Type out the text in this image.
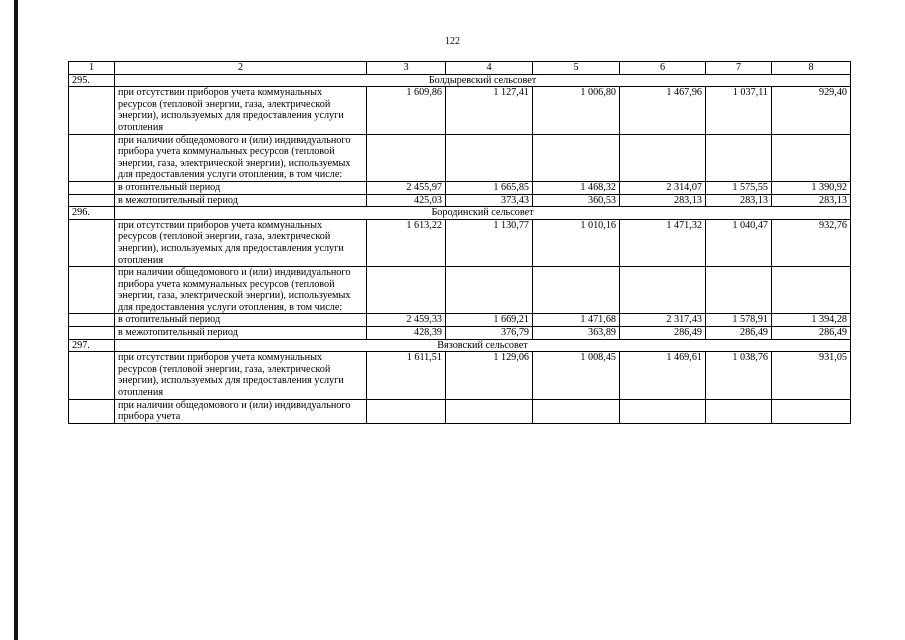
122
1	2	3	4	5	6	7	8
295.	Болдыревский сельсовет						
	при отсутствии приборов учета коммунальных ресурсов (тепловой энергии, газа, электрической энергии), используемых для предоставления услуги отопления	1 609,86	1 127,41	1 006,80	1 467,96	1 037,11	929,40
	при наличии общедомового и (или) индивидуального прибора учета коммунальных ресурсов (тепловой энергии, газа, электрической энергии), используемых для предоставления услуги отопления, в том числе:						
	в отопительный период	2 455,97	1 665,85	1 468,32	2 314,07	1 575,55	1 390,92
	в межотопительный период	425,03	373,43	360,53	283,13	283,13	283,13
296.	Бородинский сельсовет						
	при отсутствии приборов учета коммунальных ресурсов (тепловой энергии, газа, электрической энергии), используемых для предоставления услуги отопления	1 613,22	1 130,77	1 010,16	1 471,32	1 040,47	932,76
	при наличии общедомового и (или) индивидуального прибора учета коммунальных ресурсов (тепловой энергии, газа, электрической энергии), используемых для предоставления услуги отопления, в том числе:						
	в отопительный период	2 459,33	1 669,21	1 471,68	2 317,43	1 578,91	1 394,28
	в межотопительный период	428,39	376,79	363,89	286,49	286,49	286,49
297.	Вязовский сельсовет						
	при отсутствии приборов учета коммунальных ресурсов (тепловой энергии, газа, электрической энергии), используемых для предоставления услуги отопления	1 611,51	1 129,06	1 008,45	1 469,61	1 038,76	931,05
	при наличии общедомового и (или) индивидуального прибора учета						
